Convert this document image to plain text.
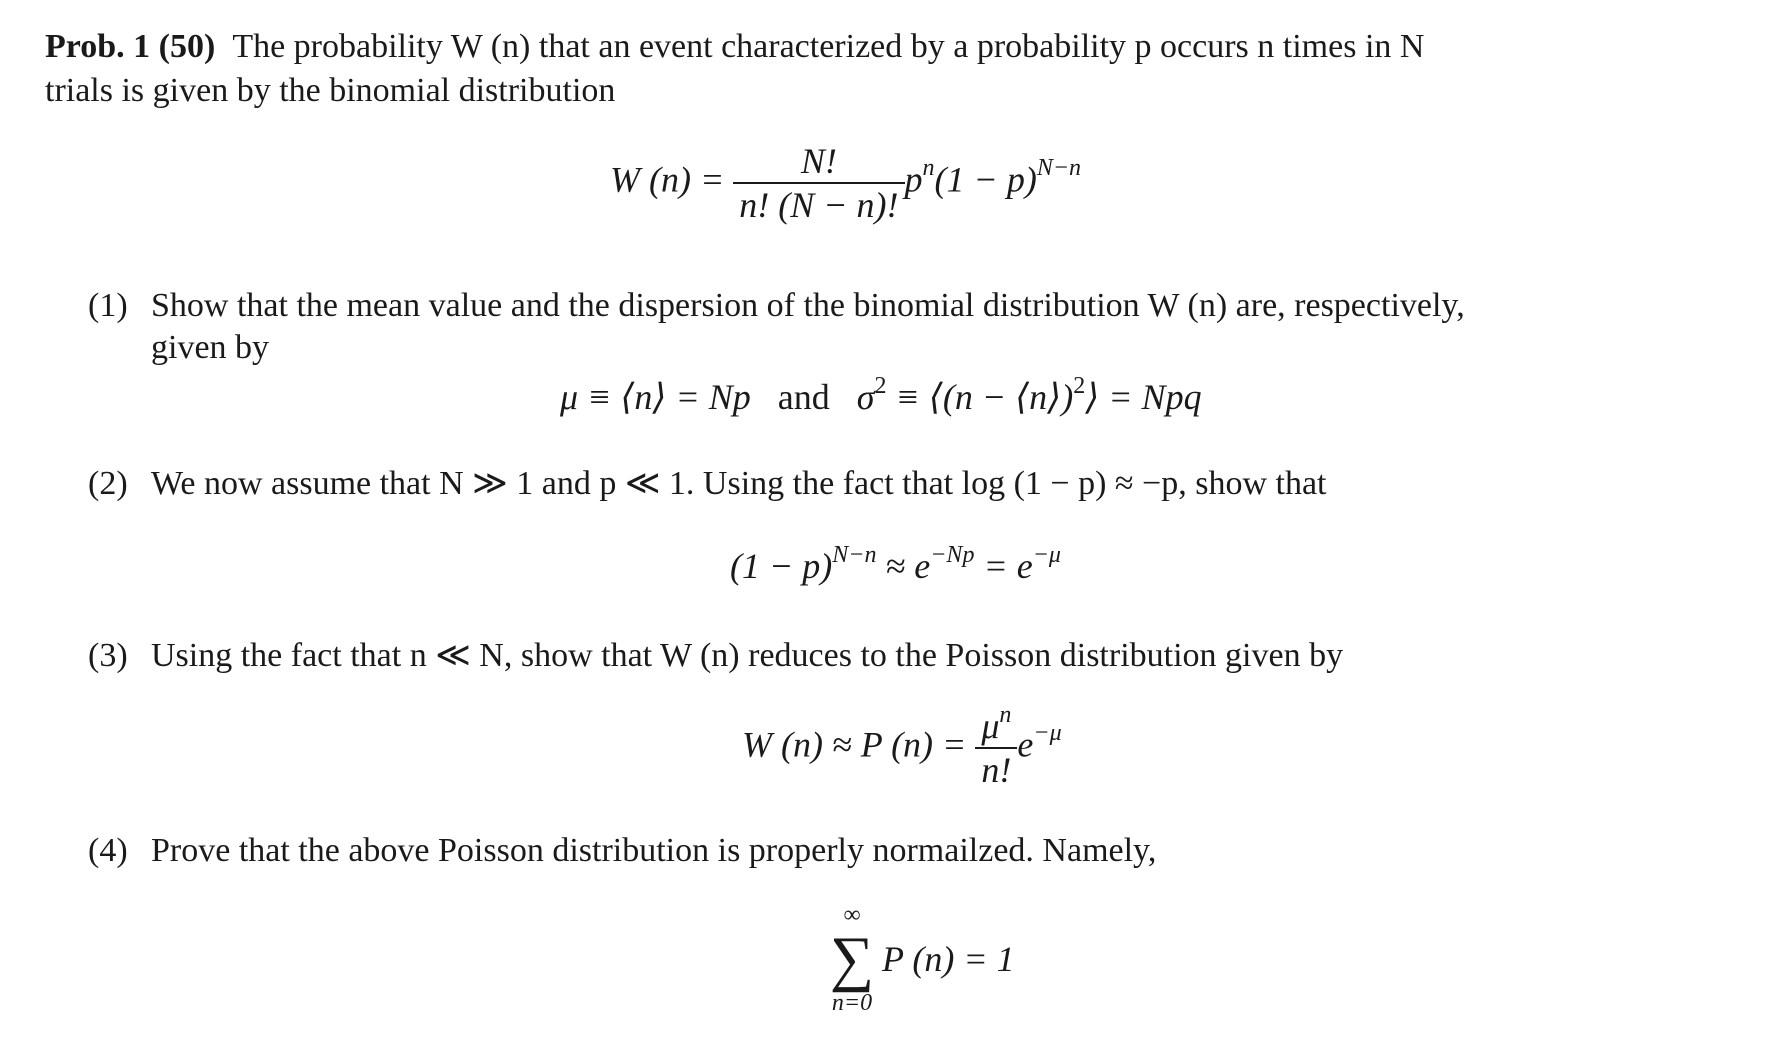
Prob. 1 (50) The probability W (n) that an event characterized by a probability p occurs n times in N
trials is given by the binomial distribution
W $(n) = \frac{N!}{n! (N - n)!} p^n(1 - p)^{N-n}$
(1) Show that the mean value and the dispersion of the binomial distribution W (n) are, respectively,
given by
μ ≡ ⟨n⟩ = Np and $\sigma^2$ ≡ ⟨(n − ⟨n⟩)$^2$⟩ = Npq
(2) We now assume that N ≫ 1 and p ≪ 1. Using the fact that log (1 − p) ≈ −p, show that
$(1 - p)^{N-n} \approx e^{-Np} = e^{-\mu}$
(3) Using the fact that n ≪ N, show that W (n) reduces to the Poisson distribution given by
W (n) ≈ P $(n) = \frac{\mu^n}{n!} e^{-\mu}$
(4) Prove that the above Poisson distribution is properly normailzed. Namely,
∞
∑
n=0
P (n) = 1
